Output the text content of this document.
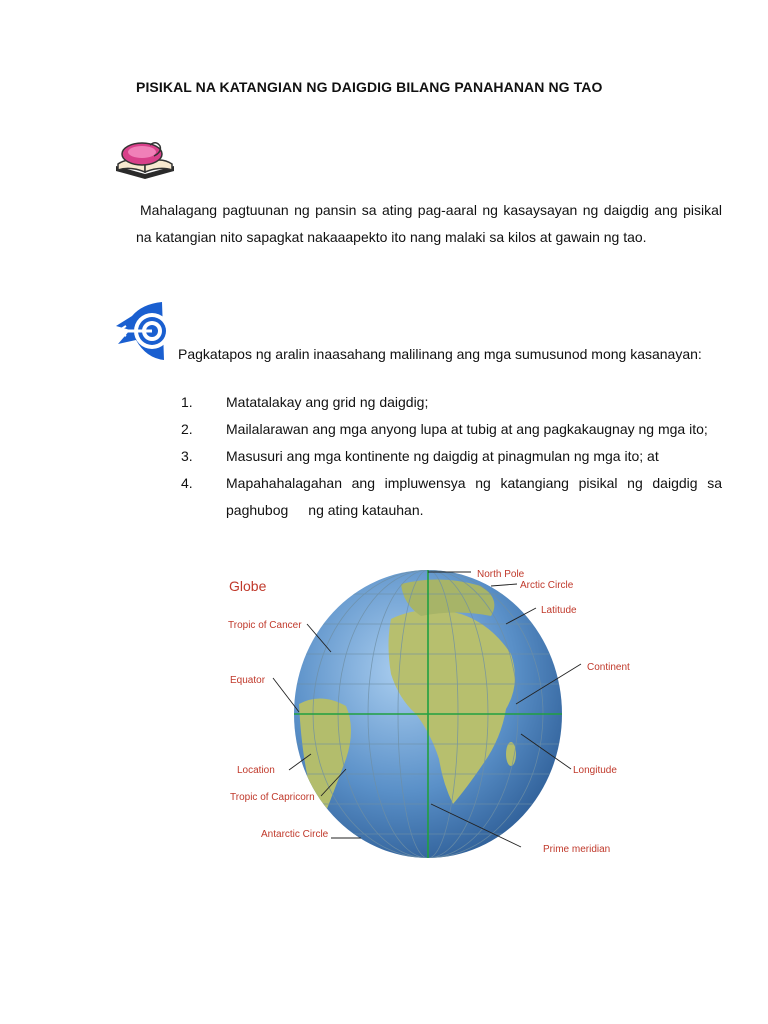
PISIKAL NA KATANGIAN NG DAIGDIG BILANG PANAHANAN NG TAO
Mahalagang pagtuunan ng pansin sa ating pag-aaral ng kasaysayan ng daigdig ang pisikal na katangian nito sapagkat nakaaapekto ito nang malaki sa kilos at gawain ng tao.
Pagkatapos ng aralin inaasahang malilinang ang mga sumusunod mong kasanayan:
1. Matatalakay ang grid ng daigdig;
2. Mailalarawan ang mga anyong lupa at tubig at ang pagkakaugnay ng mga ito;
3. Masusuri ang mga kontinente ng daigdig at pinagmulan ng mga ito; at
4. Mapahahalagahan ang impluwensya ng katangiang pisikal ng daigdig sa paghubog ng ating katauhan.
Globe
North Pole
Arctic Circle
Latitude
Continent
Tropic of Cancer
Equator
Location	Longitude
Tropic of Capricorn
Antarctic Circle
Prime meridian
